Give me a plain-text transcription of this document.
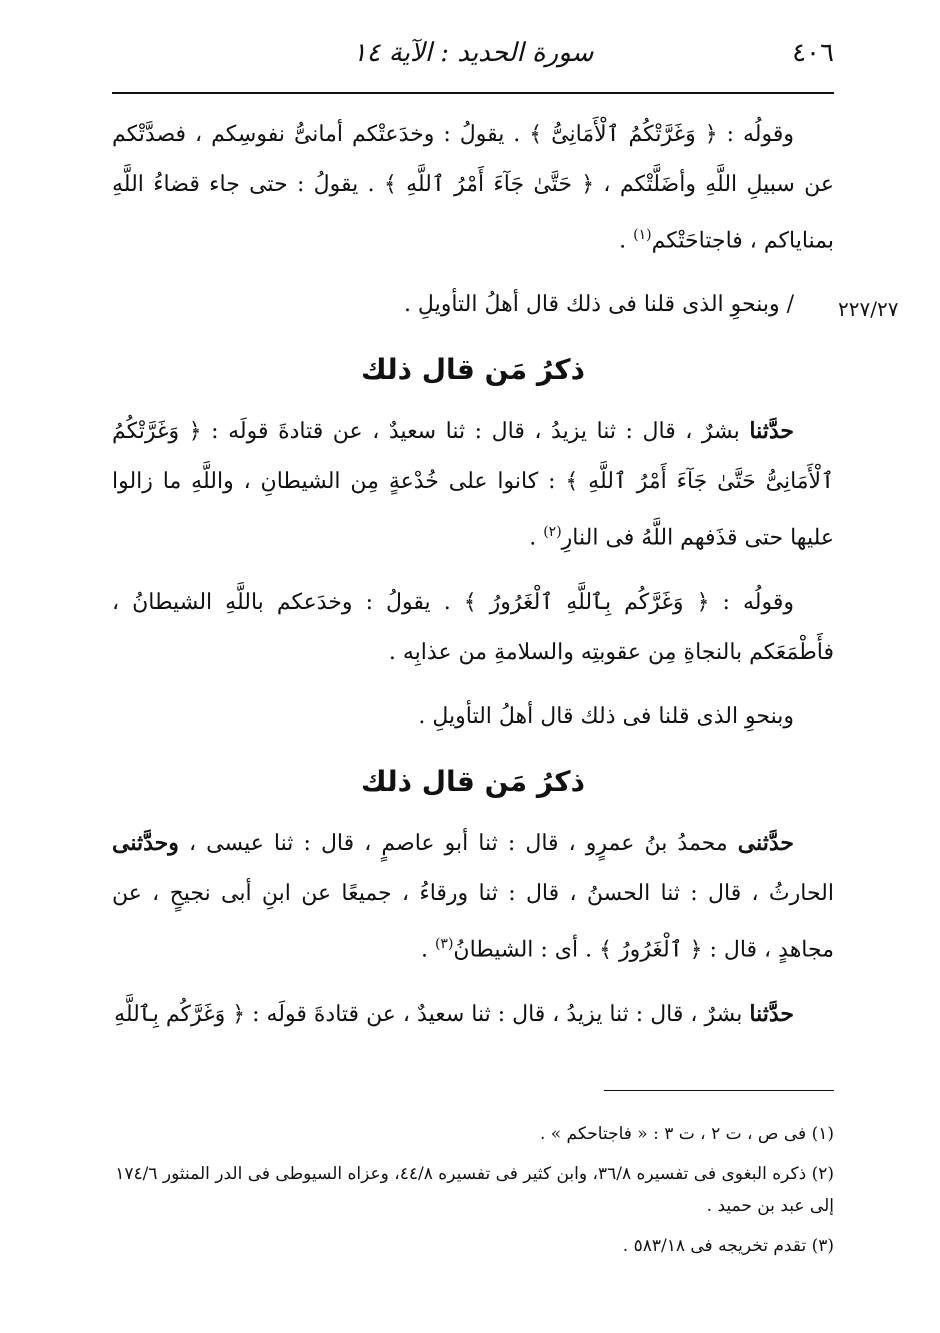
٤٠٦
سورة الحديد : الآية ١٤
٢٢٧/٢٧

وقولُه : ﴿ وَغَرَّتْكُمُ ٱلْأَمَانِىُّ ﴾ . يقولُ : وخدَعتْكم أمانىُّ نفوسِكم ، فصدَّتْكم عن سبيلِ اللَّهِ وأضَلَّتْكم ، ﴿ حَتَّىٰ جَآءَ أَمْرُ ٱللَّهِ ﴾ . يقولُ : حتى جاء قضاءُ اللَّهِ بمناياكم ، فاجتاحَتْكم$^{(١)}$ .

/ وبنحوِ الذى قلنا فى ذلك قال أهلُ التأويلِ .

ذكرُ مَن قال ذلك

حدَّثنا بشرٌ ، قال : ثنا يزيدُ ، قال : ثنا سعيدٌ ، عن قتادةَ قولَه : ﴿ وَغَرَّتْكُمُ ٱلْأَمَانِىُّ حَتَّىٰ جَآءَ أَمْرُ ٱللَّهِ ﴾ : كانوا على خُدْعةٍ مِن الشيطانِ ، واللَّهِ ما زالوا عليها حتى قذَفهم اللَّهُ فى النارِ$^{(٢)}$ .

وقولُه : ﴿ وَغَرَّكُم بِٱللَّهِ ٱلْغَرُورُ ﴾ . يقولُ : وخدَعكم باللَّهِ الشيطانُ ، فأَطْمَعَكم بالنجاةِ مِن عقوبتِه والسلامةِ من عذابِه .

وبنحوِ الذى قلنا فى ذلك قال أهلُ التأويلِ .

ذكرُ مَن قال ذلك

حدَّثنى محمدُ بنُ عمرٍو ، قال : ثنا أبو عاصمٍ ، قال : ثنا عيسى ، وحدَّثنى الحارثُ ، قال : ثنا الحسنُ ، قال : ثنا ورقاءُ ، جميعًا عن ابنِ أبى نجيحٍ ، عن مجاهدٍ ، قال : ﴿ ٱلْغَرُورُ ﴾ . أى : الشيطانُ$^{(٣)}$ .

حدَّثنا بشرٌ ، قال : ثنا يزيدُ ، قال : ثنا سعيدٌ ، عن قتادةَ قولَه : ﴿ وَغَرَّكُم بِٱللَّهِ

(١) فى ص ، ت ٢ ، ت ٣ : « فاجتاحكم » .

(٢) ذكره البغوى فى تفسيره ٣٦/٨، وابن كثير فى تفسيره ٤٤/٨، وعزاه السيوطى فى الدر المنثور ١٧٤/٦ إلى عبد بن حميد .

(٣) تقدم تخريجه فى ٥٨٣/١٨ .
